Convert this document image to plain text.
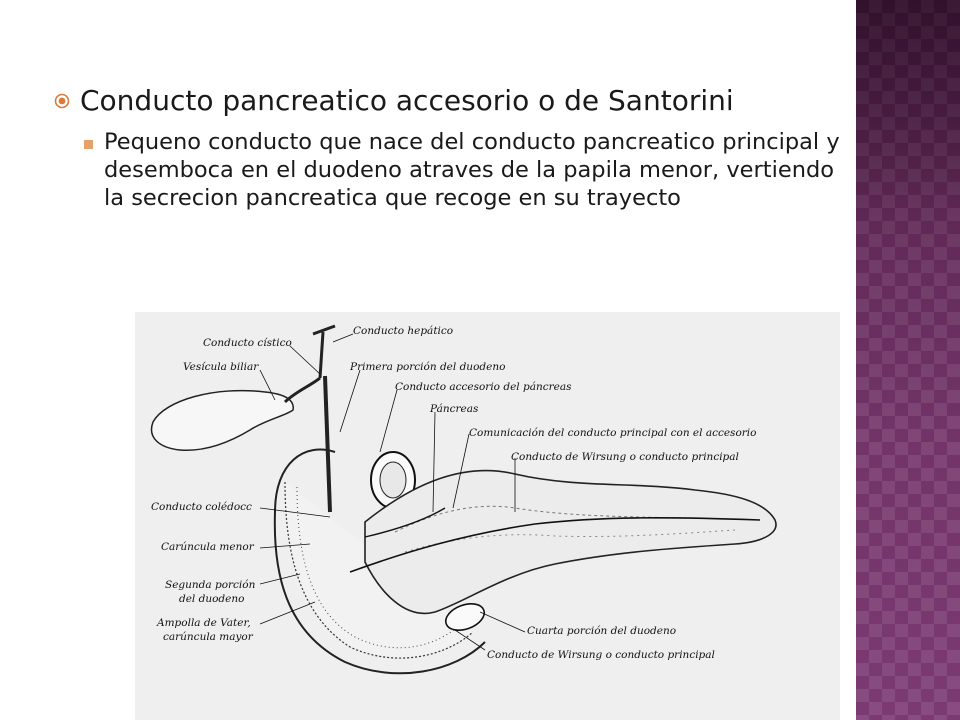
Conducto pancreatico accesorio o de Santorini
Pequeno conducto que nace del conducto pancreatico principal y desemboca en el duodeno atraves de la papila menor, vertiendo la secrecion pancreatica que recoge en su trayecto
Conducto cístico
Vesícula biliar
Conducto hepático
Primera porción del duodeno
Conducto accesorio del páncreas
Páncreas
Comunicación del conducto principal con el accesorio
Conducto de Wirsung o conducto principal
Conducto colédocc
Carúncula menor
Segunda porción
del duodeno
Ampolla de Vater,
carúncula mayor	Cuarta porción del duodeno
Conducto de Wirsung o conducto principal
